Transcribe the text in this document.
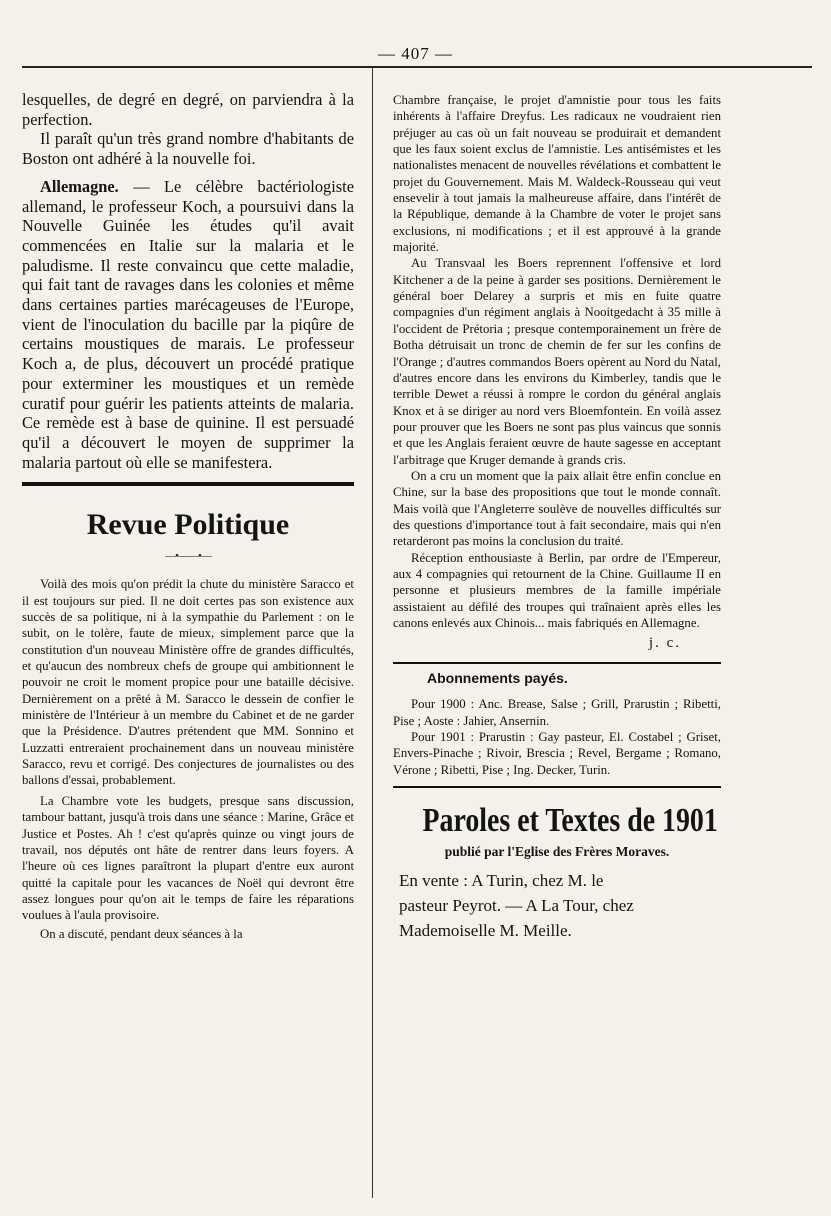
— 407 —

lesquelles, de degré en degré, on parviendra à la perfection.

Il paraît qu'un très grand nombre d'habitants de Boston ont adhéré à la nouvelle foi.

Allemagne. — Le célèbre bactériologiste allemand, le professeur Koch, a poursuivi dans la Nouvelle Guinée les études qu'il avait commencées en Italie sur la malaria et le paludisme. Il reste convaincu que cette maladie, qui fait tant de ravages dans les colonies et même dans certaines parties marécageuses de l'Europe, vient de l'inoculation du bacille par la piqûre de certains moustiques de marais. Le professeur Koch a, de plus, découvert un procédé pratique pour exterminer les moustiques et un remède curatif pour guérir les patients atteints de malaria. Ce remède est à base de quinine. Il est persuadé qu'il a découvert le moyen de supprimer la malaria partout où elle se manifestera.

Revue Politique
—•——•—

Voilà des mois qu'on prédit la chute du ministère Saracco et il est toujours sur pied. Il ne doit certes pas son existence aux succès de sa politique, ni à la sympathie du Parlement : on le subit, on le tolère, faute de mieux, simplement parce que la constitution d'un nouveau Ministère offre de grandes difficultés, et qu'aucun des nombreux chefs de groupe qui ambitionnent le pouvoir ne croit le moment propice pour une bataille décisive. Dernièrement on a prêté à M. Saracco le dessein de confier le ministère de l'Intérieur à un membre du Cabinet et de ne garder que la Présidence. D'autres prétendent que MM. Sonnino et Luzzatti entreraient prochainement dans un nouveau ministère Saracco, revu et corrigé. Des conjectures de journalistes ou des ballons d'essai, probablement.

La Chambre vote les budgets, presque sans discussion, tambour battant, jusqu'à trois dans une séance : Marine, Grâce et Justice et Postes. Ah ! c'est qu'après quinze ou vingt jours de travail, nos députés ont hâte de rentrer dans leurs foyers. A l'heure où ces lignes paraîtront la plupart d'entre eux auront quitté la capitale pour les vacances de Noël qui devront être assez longues pour qu'on ait le temps de faire les réparations voulues à l'aula provisoire.

On a discuté, pendant deux séances à la

Chambre française, le projet d'amnistie pour tous les faits inhérents à l'affaire Dreyfus. Les radicaux ne voudraient rien préjuger au cas où un fait nouveau se produirait et demandent que les faux soient exclus de l'amnistie. Les antisémistes et les nationalistes menacent de nouvelles révélations et combattent le projet du Gouvernement. Mais M. Waldeck-Rousseau qui veut ensevelir à tout jamais la malheureuse affaire, dans l'intérêt de la République, demande à la Chambre de voter le projet sans exclusions, ni modifications ; et il est approuvé à la grande majorité.

Au Transvaal les Boers reprennent l'offensive et lord Kitchener a de la peine à garder ses positions. Dernièrement le général boer Delarey a surpris et mis en fuite quatre compagnies d'un régiment anglais à Nooitgedacht à 35 mille à l'occident de Prétoria ; presque contemporainement un frère de Botha détruisait un tronc de chemin de fer sur les confins de l'Orange ; d'autres commandos Boers opèrent au Nord du Natal, d'autres encore dans les environs du Kimberley, tandis que le terrible Dewet a réussi à rompre le cordon du général anglais Knox et à se diriger au nord vers Bloemfontein. En voilà assez pour prouver que les Boers ne sont pas plus vaincus que sonnis et que les Anglais feraient œuvre de haute sagesse en acceptant l'arbitrage que Kruger demande à grands cris.

On a cru un moment que la paix allait être enfin conclue en Chine, sur la base des propositions que tout le monde connaît. Mais voilà que l'Angleterre soulève de nouvelles difficultés sur des questions d'importance tout à fait secondaire, mais qui n'en retarderont pas moins la conclusion du traité.

Réception enthousiaste à Berlin, par ordre de l'Empereur, aux 4 compagnies qui retournent de la Chine. Guillaume II en personne et plusieurs membres de la famille impériale assistaient au défilé des troupes qui traînaient après elles les canons enlevés aux Chinois... mais fabriqués en Allemagne.

j. c.
Abonnements payés.

Pour 1900 : Anc. Brease, Salse ; Grill, Prarustin ; Ribetti, Pise ; Aoste : Jahier, Ansernin.

Pour 1901 : Prarustin : Gay pasteur, El. Costabel ; Griset, Envers-Pinache ; Rivoir, Brescia ; Revel, Bergame ; Romano, Vérone ; Ribetti, Pise ; Ing. Decker, Turin.

Paroles et Textes de 1901
publié par l'Eglise des Frères Moraves.
En vente : A Turin, chez M. le
pasteur Peyrot. — A La Tour, chez
Mademoiselle M. Meille.
